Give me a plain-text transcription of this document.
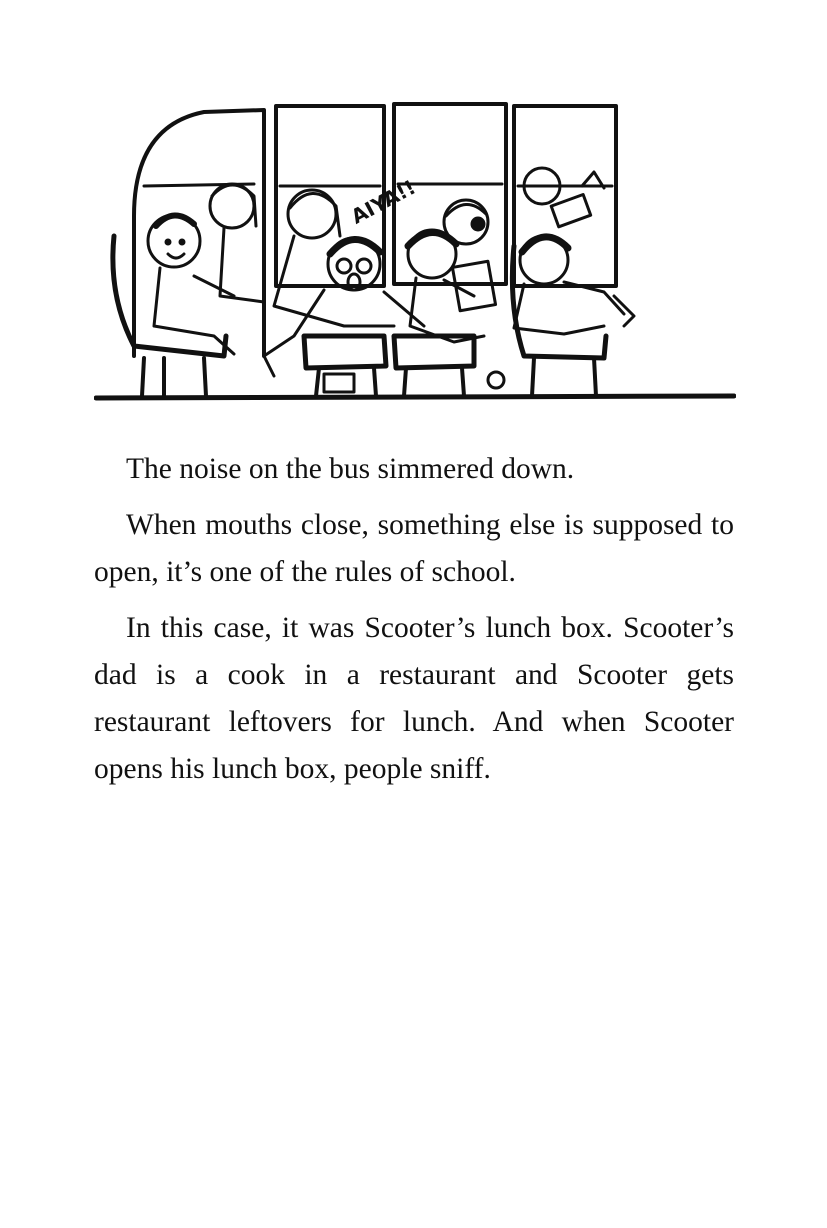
AIYA!!

The noise on the bus simmered down.

When mouths close, something else is supposed to open, it’s one of the rules of school.

In this case, it was Scooter’s lunch box. Scooter’s dad is a cook in a restaurant and Scooter gets restaurant leftovers for lunch. And when Scooter opens his lunch box, people sniff.
